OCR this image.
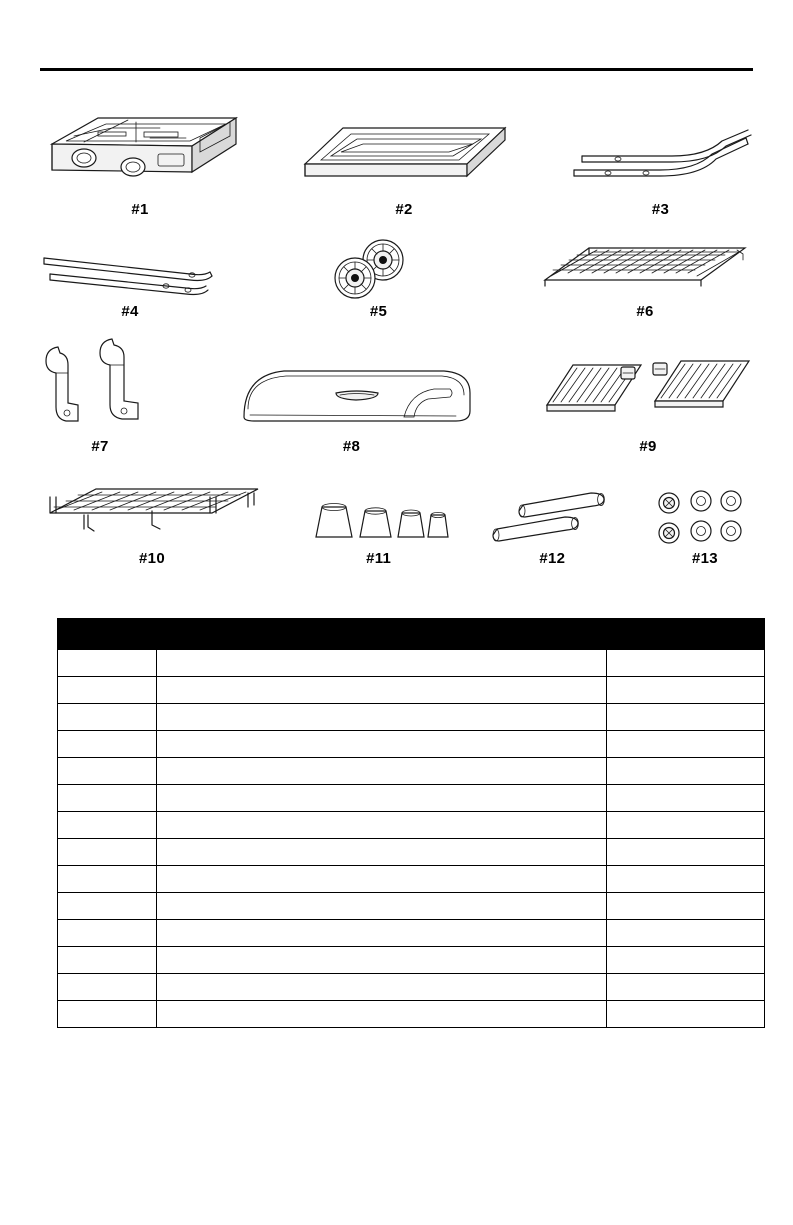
#1	#2	#3
#4	#5	#6
#7	#8	#9
#10	#11	#12	#13
